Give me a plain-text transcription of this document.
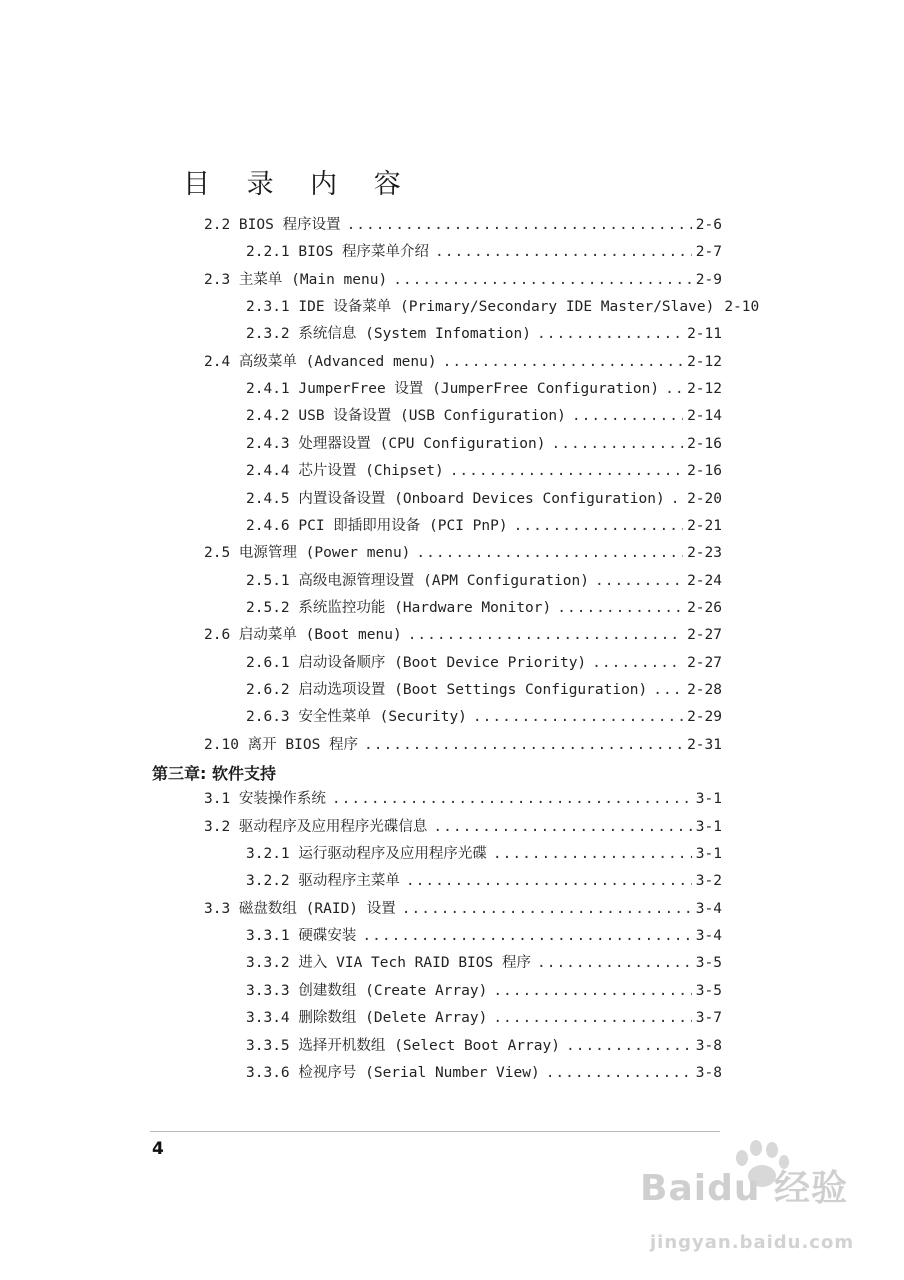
目 录 内 容
2.2 BIOS 程序设置 .....	2-6
2.2.1 BIOS 程序菜单介绍 .....	2-7
2.3 主菜单 (Main menu) .....	2-9
2.3.1 IDE 设备菜单 (Primary/Secondary IDE Master/Slave) 2-10
2.3.2 系统信息 (System Infomation) .....	2-11
2.4 高级菜单 (Advanced menu) .....	2-12
2.4.1 JumperFree 设置 (JumperFree Configuration) .....	2-12
2.4.2 USB 设备设置 (USB Configuration) .....	2-14
2.4.3 处理器设置 (CPU Configuration) .....	2-16
2.4.4 芯片设置 (Chipset) .....	2-16
2.4.5 内置设备设置 (Onboard Devices Configuration) .....	2-20
2.4.6 PCI 即插即用设备 (PCI PnP) .....	2-21
2.5 电源管理 (Power menu) .....	2-23
2.5.1 高级电源管理设置 (APM Configuration) .....	2-24
2.5.2 系统监控功能 (Hardware Monitor) .....	2-26
2.6 启动菜单 (Boot menu) .....	2-27
2.6.1 启动设备顺序 (Boot Device Priority) .....	2-27
2.6.2 启动选项设置 (Boot Settings Configuration) .....	2-28
2.6.3 安全性菜单 (Security) .....	2-29
2.10 离开 BIOS 程序 .....	2-31
第三章: 软件支持
3.1 安装操作系统 .....	3-1
3.2 驱动程序及应用程序光碟信息 .....	3-1
3.2.1 运行驱动程序及应用程序光碟 .....	3-1
3.2.2 驱动程序主菜单 .....	3-2
3.3 磁盘数组 (RAID) 设置 .....	3-4
3.3.1 硬碟安装 .....	3-4
3.3.2 进入 VIA Tech RAID BIOS 程序 .....	3-5
3.3.3 创建数组 (Create Array) .....	3-5
3.3.4 删除数组 (Delete Array) .....	3-7
3.3.5 选择开机数组 (Select Boot Array) .....	3-8
3.3.6 检视序号 (Serial Number View) .....	3-8
4
Baidu 经验
jingyan.baidu.com
